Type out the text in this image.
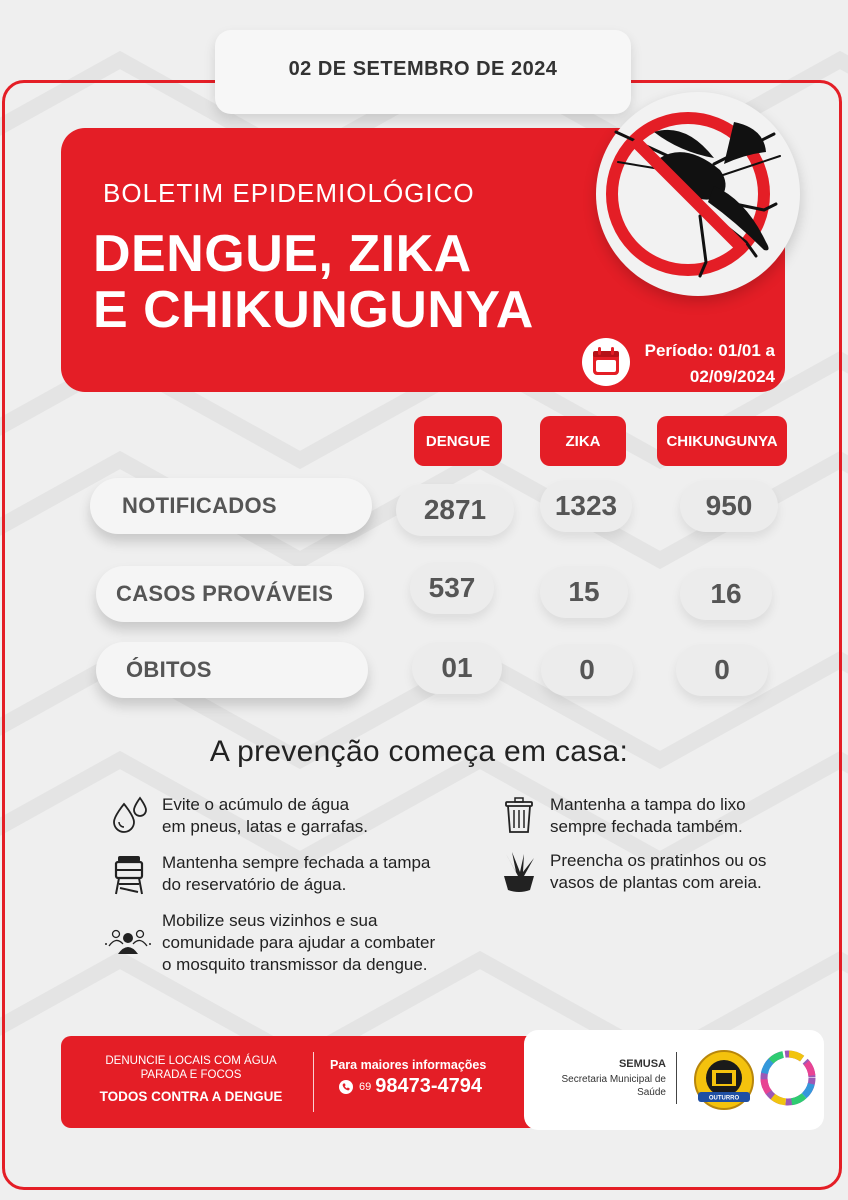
02 DE SETEMBRO DE 2024
BOLETIM EPIDEMIOLÓGICO
DENGUE, ZIKA
E CHIKUNGUNYA
Período: 01/01 a
02/09/2024
DENGUE	ZIKA	CHIKUNGUNYA
NOTIFICADOS	2871	1323	950
CASOS PROVÁVEIS	537	15	16
ÓBITOS	01	0	0
A prevenção começa em casa:
Evite o acúmulo de água
em pneus, latas e garrafas.
Mantenha a tampa do lixo
sempre fechada também.
Mantenha sempre fechada a tampa
do reservatório de água.
Preencha os pratinhos ou os
vasos de plantas com areia.
Mobilize seus vizinhos e sua
comunidade para ajudar a combater
o mosquito transmissor da dengue.
DENUNCIE LOCAIS COM ÁGUA
PARADA E FOCOS
TODOS CONTRA A DENGUE
Para maiores informações
69 98473-4794
SEMUSA
Secretaria Municipal de
Saúde
OUTURRO
